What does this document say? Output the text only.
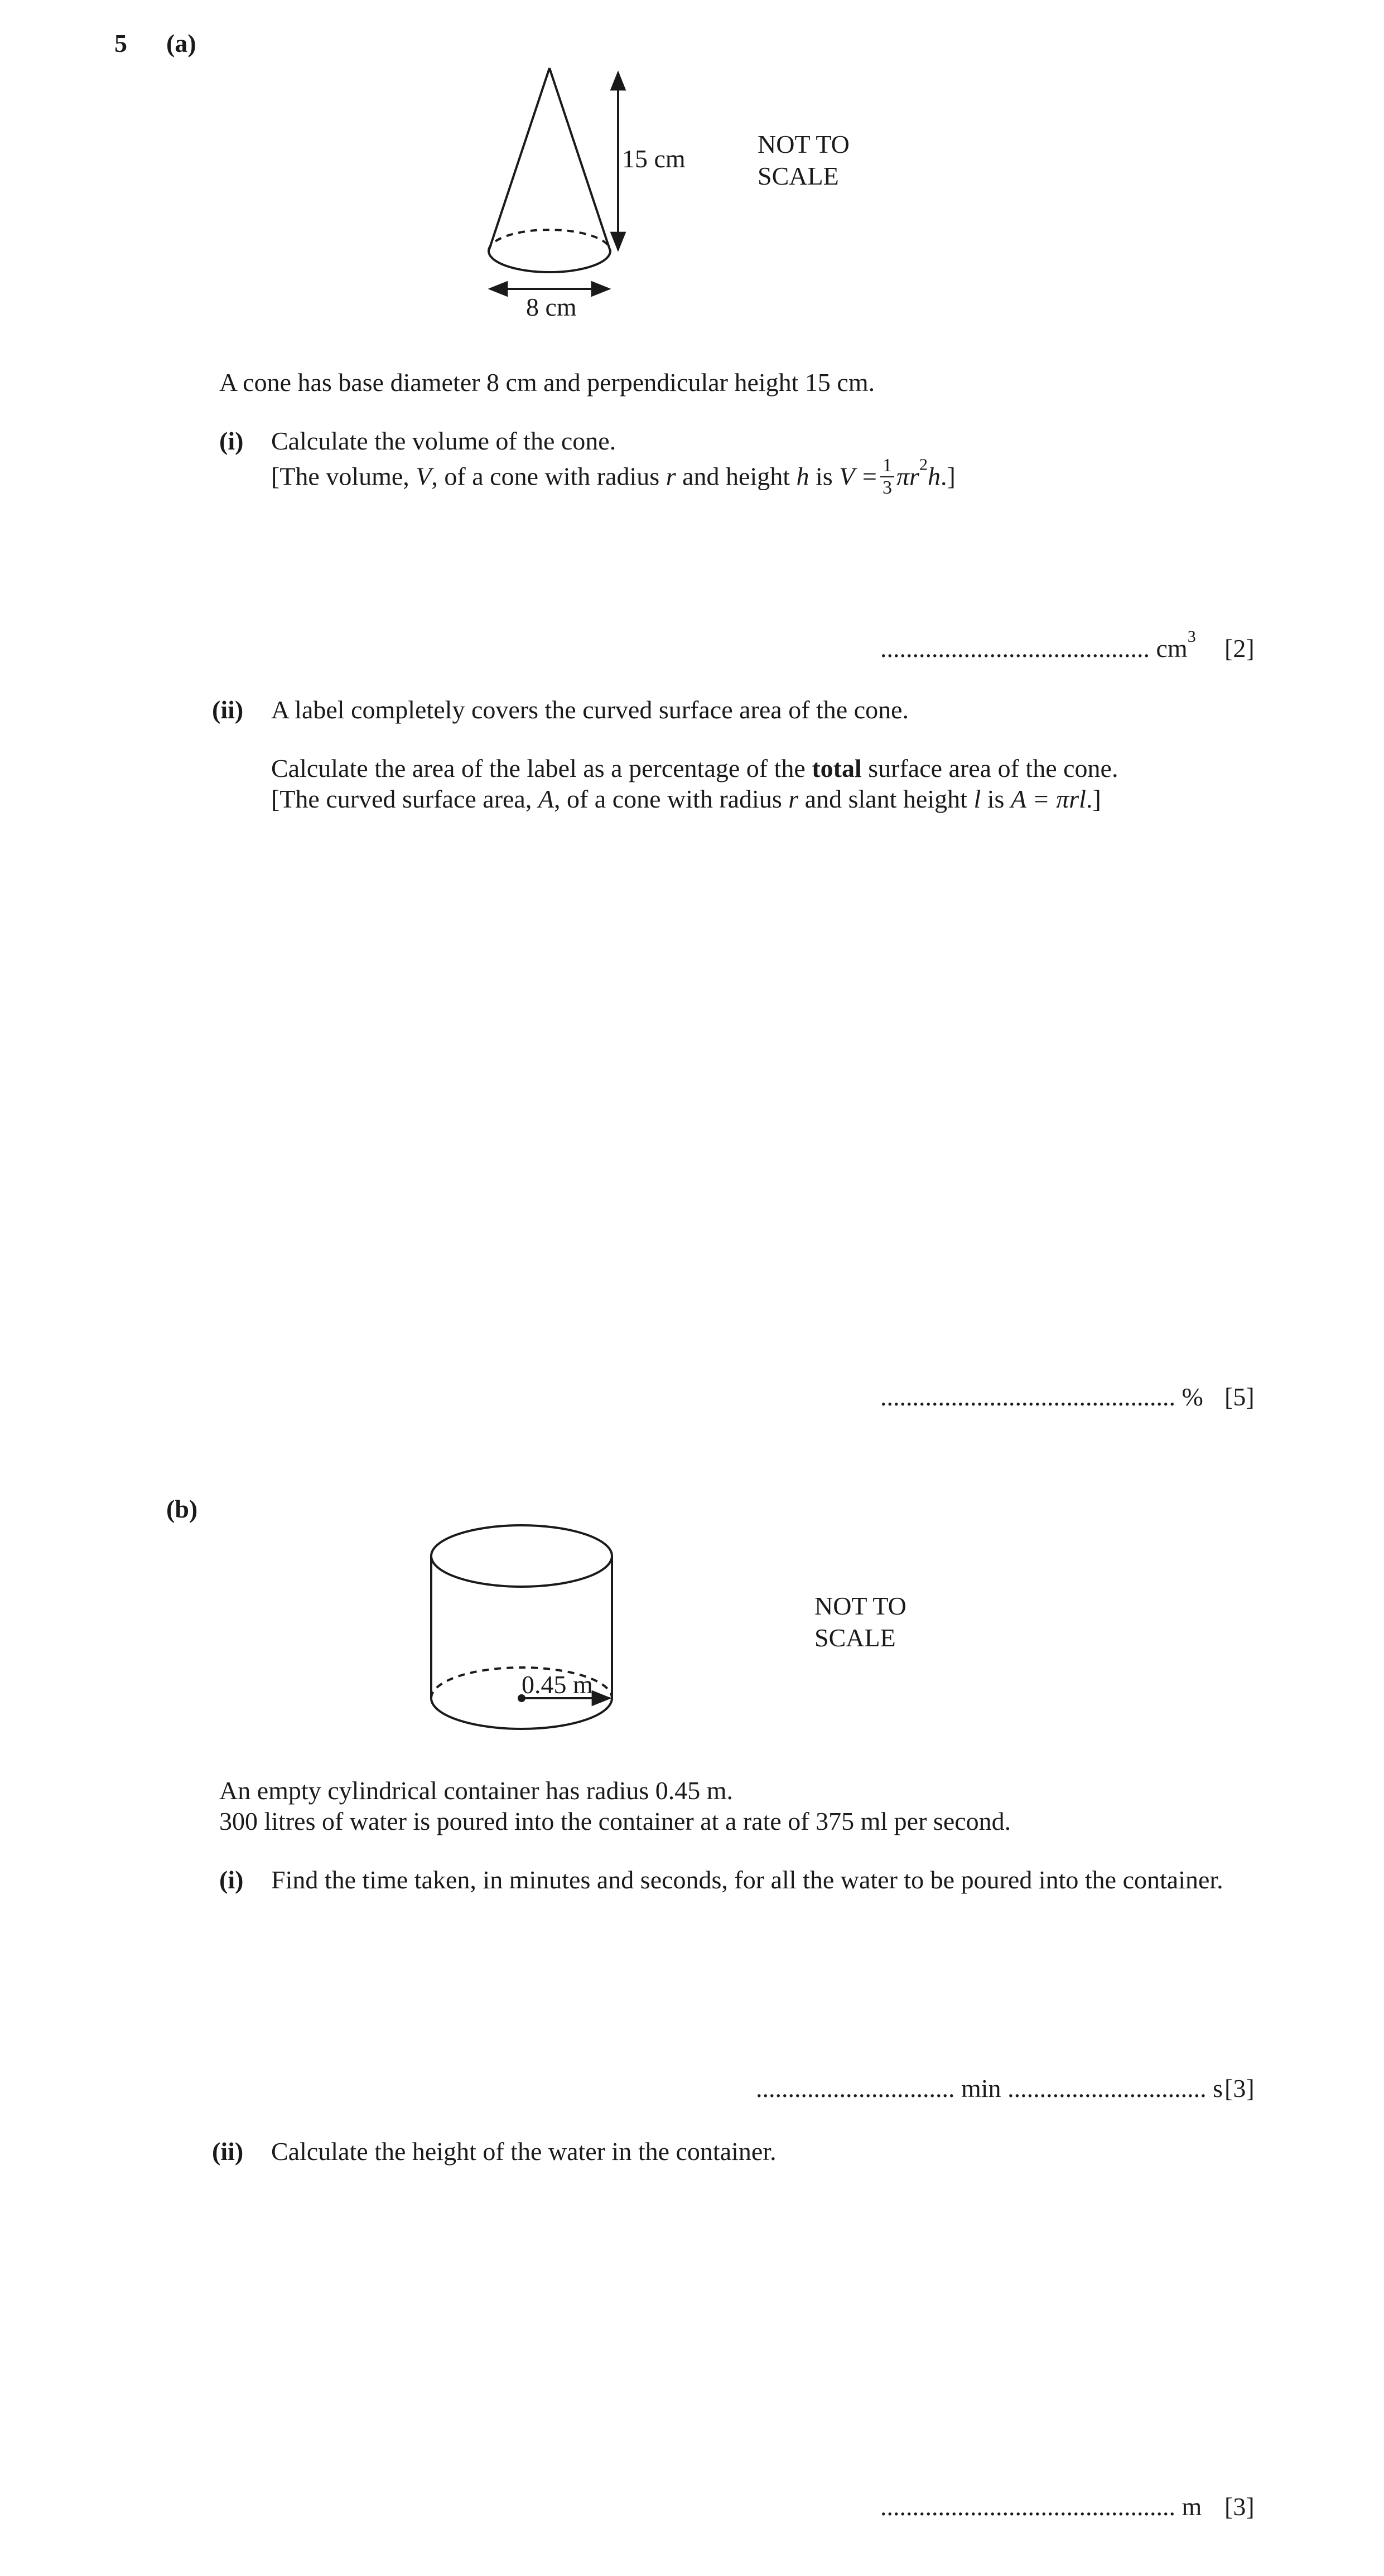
5 (a)
15 cm
8 cm
NOT TO
SCALE
A cone has base diameter 8 cm and perpendicular height 15 cm.
(i) Calculate the volume of the cone.
[The volume, V, of a cone with radius r and height h is $V = \frac{1}{3} \pi r^2h$.]
.......................................... $cm^3$ [2]
(ii) A label completely covers the curved surface area of the cone.
Calculate the area of the label as a percentage of the total surface area of the cone.
[The curved surface area, A, of a cone with radius r and slant height l is A = πrl.]
.............................................. % [5]
(b)
0.45 m
NOT TO
SCALE
An empty cylindrical container has radius 0.45 m.
300 litres of water is poured into the container at a rate of 375 ml per second.
(i) Find the time taken, in minutes and seconds, for all the water to be poured into the container.
............................... min ............................... s [3]
(ii) Calculate the height of the water in the container.
.............................................. m [3]
